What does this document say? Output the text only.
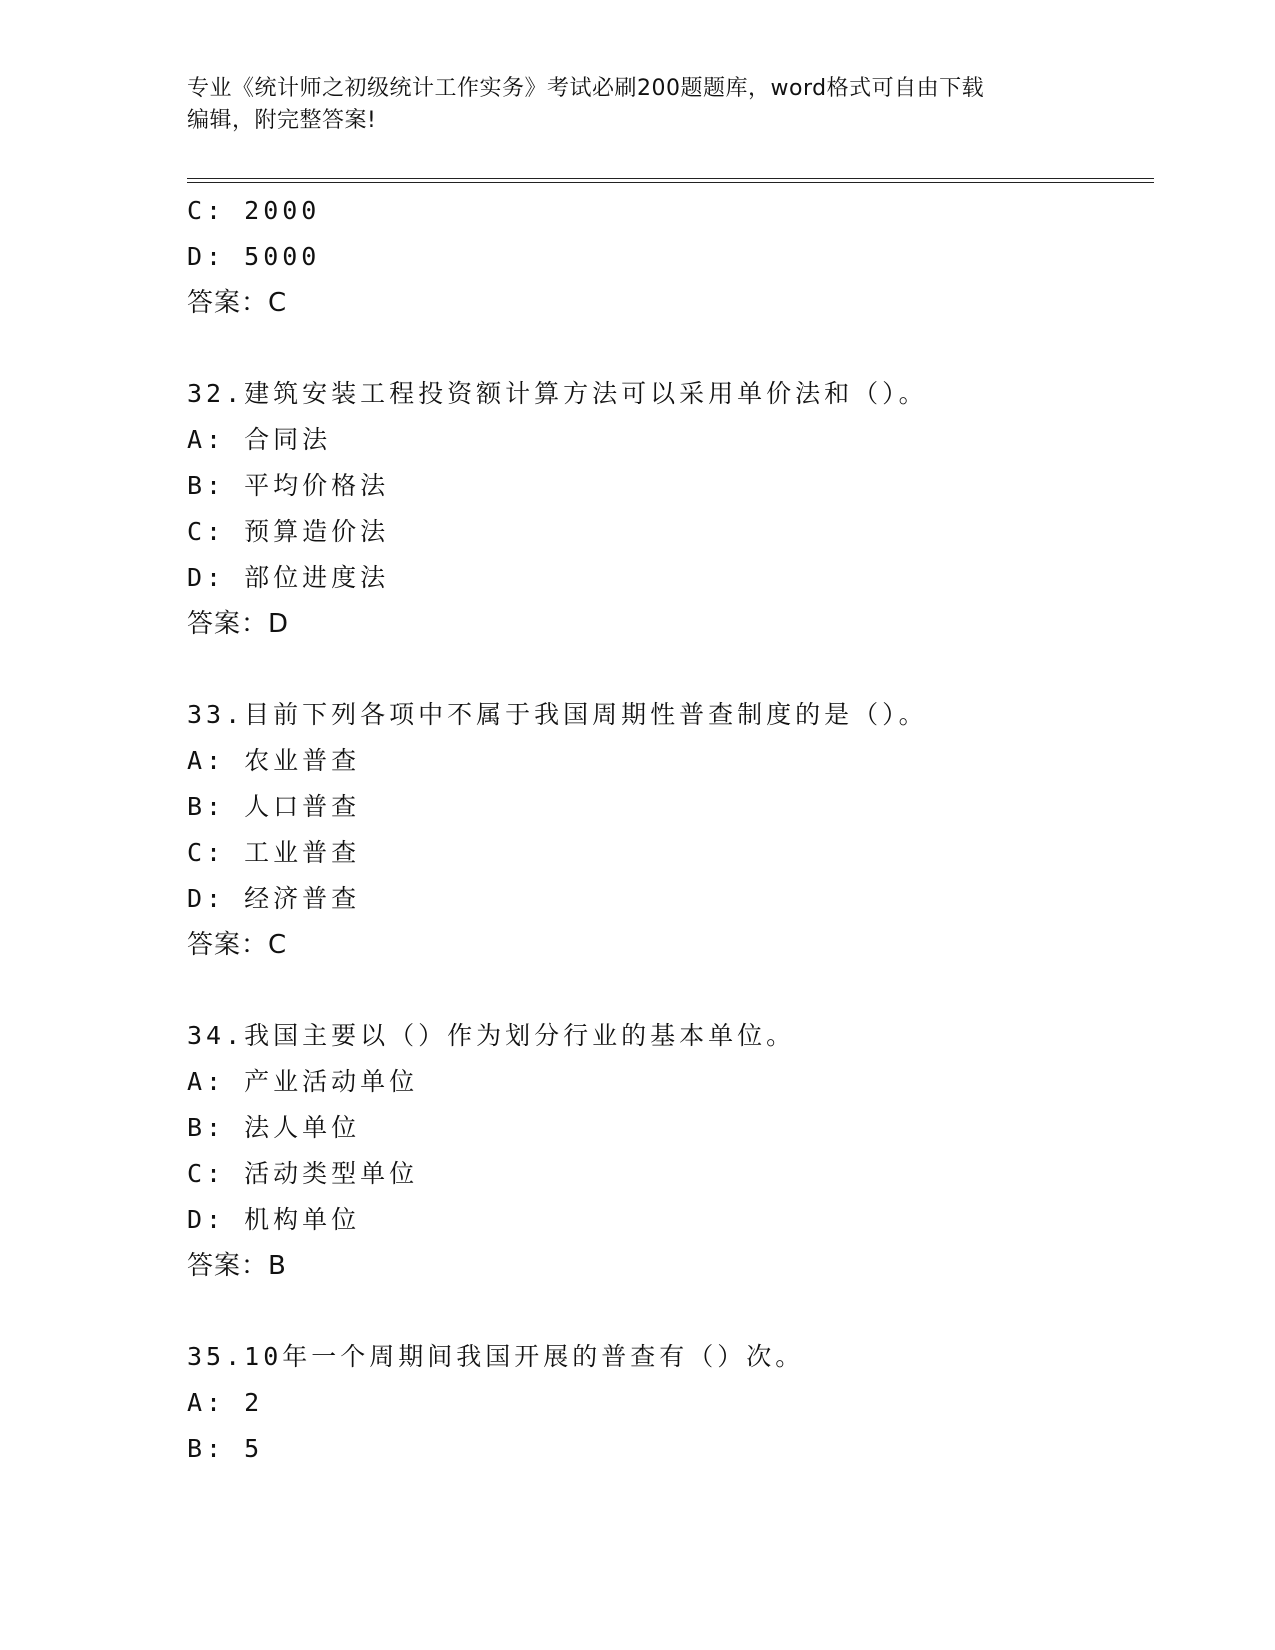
专业《统计师之初级统计工作实务》考试必刷200题题库，word格式可自由下载
编辑，附完整答案!
C: 2000
D: 5000
答案：C
32.建筑安装工程投资额计算方法可以采用单价法和（）。
A: 合同法
B: 平均价格法
C: 预算造价法
D: 部位进度法
答案：D
33.目前下列各项中不属于我国周期性普查制度的是（）。
A: 农业普查
B: 人口普查
C: 工业普查
D: 经济普查
答案：C
34.我国主要以（）作为划分行业的基本单位。
A: 产业活动单位
B: 法人单位
C: 活动类型单位
D: 机构单位
答案：B
35.10年一个周期间我国开展的普查有（）次。
A: 2
B: 5
